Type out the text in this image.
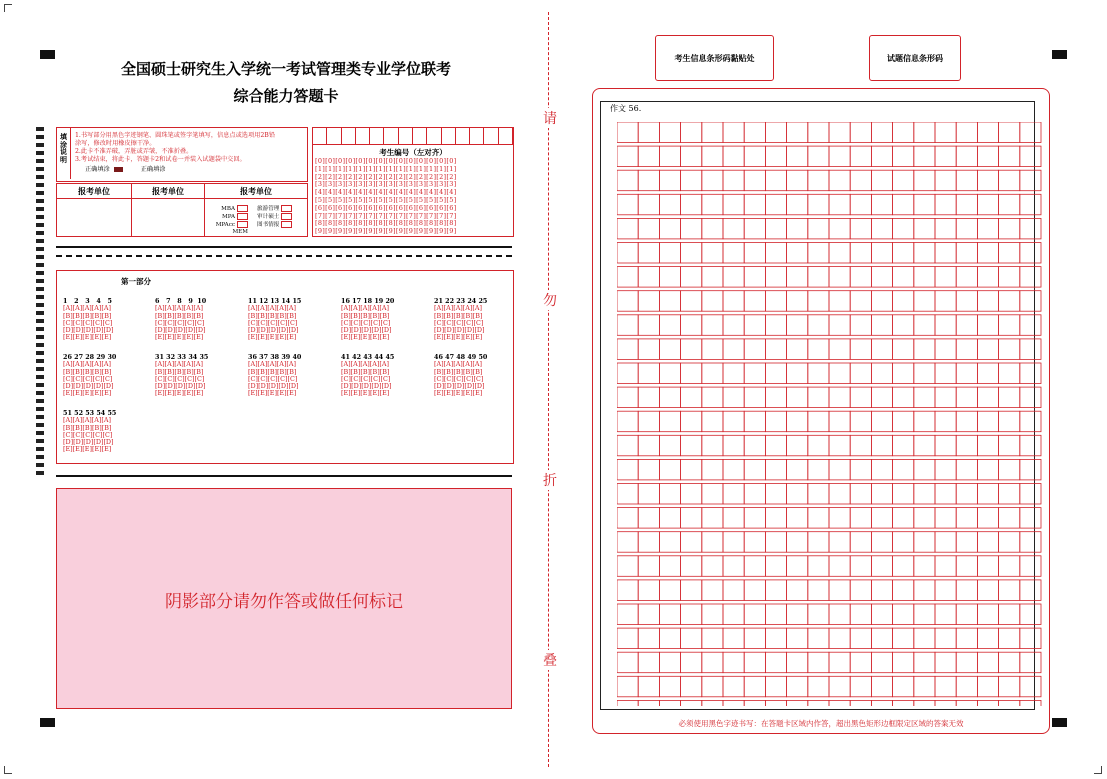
全国硕士研究生入学统一考试管理类专业学位联考
综合能力答题卡
填涂说明
1.书写部分用黑色字迹钢笔、圆珠笔或签字笔填写，信息点或选项用2B铅
涂写，修改时用橡皮擦干净。
2.此卡不准弄破，弄脏或弄皱，不准折叠。
3.考试结束，将此卡，答题卡2和试卷一并装入试题袋中交回。
正确填涂	正确填涂
报考单位	报考单位	报考单位
MBA
MPA
MPAcc
MEM
旅游管理
审计硕士
图书情报
考生编号（左对齐）
[0][0][0][0][0][0][0][0][0][0][0][0][0][0]
[1][1][1][1][1][1][1][1][1][1][1][1][1][1]
[2][2][2][2][2][2][2][2][2][2][2][2][2][2]
[3][3][3][3][3][3][3][3][3][3][3][3][3][3]
[4][4][4][4][4][4][4][4][4][4][4][4][4][4]
[5][5][5][5][5][5][5][5][5][5][5][5][5][5]
[6][6][6][6][6][6][6][6][6][6][6][6][6][6]
[7][7][7][7][7][7][7][7][7][7][7][7][7][7]
[8][8][8][8][8][8][8][8][8][8][8][8][8][8]
[9][9][9][9][9][9][9][9][9][9][9][9][9][9]
第一部分
1   2   3   4   5
[A][A][A][A][A]
[B][B][B][B][B]
[C][C][C][C][C]
[D][D][D][D][D]
[E][E][E][E][E]
6   7   8   9  10
[A][A][A][A][A]
[B][B][B][B][B]
[C][C][C][C][C]
[D][D][D][D][D]
[E][E][E][E][E]
11 12 13 14 15
[A][A][A][A][A]
[B][B][B][B][B]
[C][C][C][C][C]
[D][D][D][D][D]
[E][E][E][E][E]
16 17 18 19 20
[A][A][A][A][A]
[B][B][B][B][B]
[C][C][C][C][C]
[D][D][D][D][D]
[E][E][E][E][E]
21 22 23 24 25
[A][A][A][A][A]
[B][B][B][B][B]
[C][C][C][C][C]
[D][D][D][D][D]
[E][E][E][E][E]
26 27 28 29 30
[A][A][A][A][A]
[B][B][B][B][B]
[C][C][C][C][C]
[D][D][D][D][D]
[E][E][E][E][E]
31 32 33 34 35
[A][A][A][A][A]
[B][B][B][B][B]
[C][C][C][C][C]
[D][D][D][D][D]
[E][E][E][E][E]
36 37 38 39 40
[A][A][A][A][A]
[B][B][B][B][B]
[C][C][C][C][C]
[D][D][D][D][D]
[E][E][E][E][E]
41 42 43 44 45
[A][A][A][A][A]
[B][B][B][B][B]
[C][C][C][C][C]
[D][D][D][D][D]
[E][E][E][E][E]
46 47 48 49 50
[A][A][A][A][A]
[B][B][B][B][B]
[C][C][C][C][C]
[D][D][D][D][D]
[E][E][E][E][E]
51 52 53 54 55
[A][A][A][A][A]
[B][B][B][B][B]
[C][C][C][C][C]
[D][D][D][D][D]
[E][E][E][E][E]
阴影部分请勿作答或做任何标记
请
勿
折
叠
考生信息条形码黏贴处	试题信息条形码
作文 56.
必须使用黑色字迹书写：在答题卡区域内作答，超出黑色矩形边框限定区域的答案无效
